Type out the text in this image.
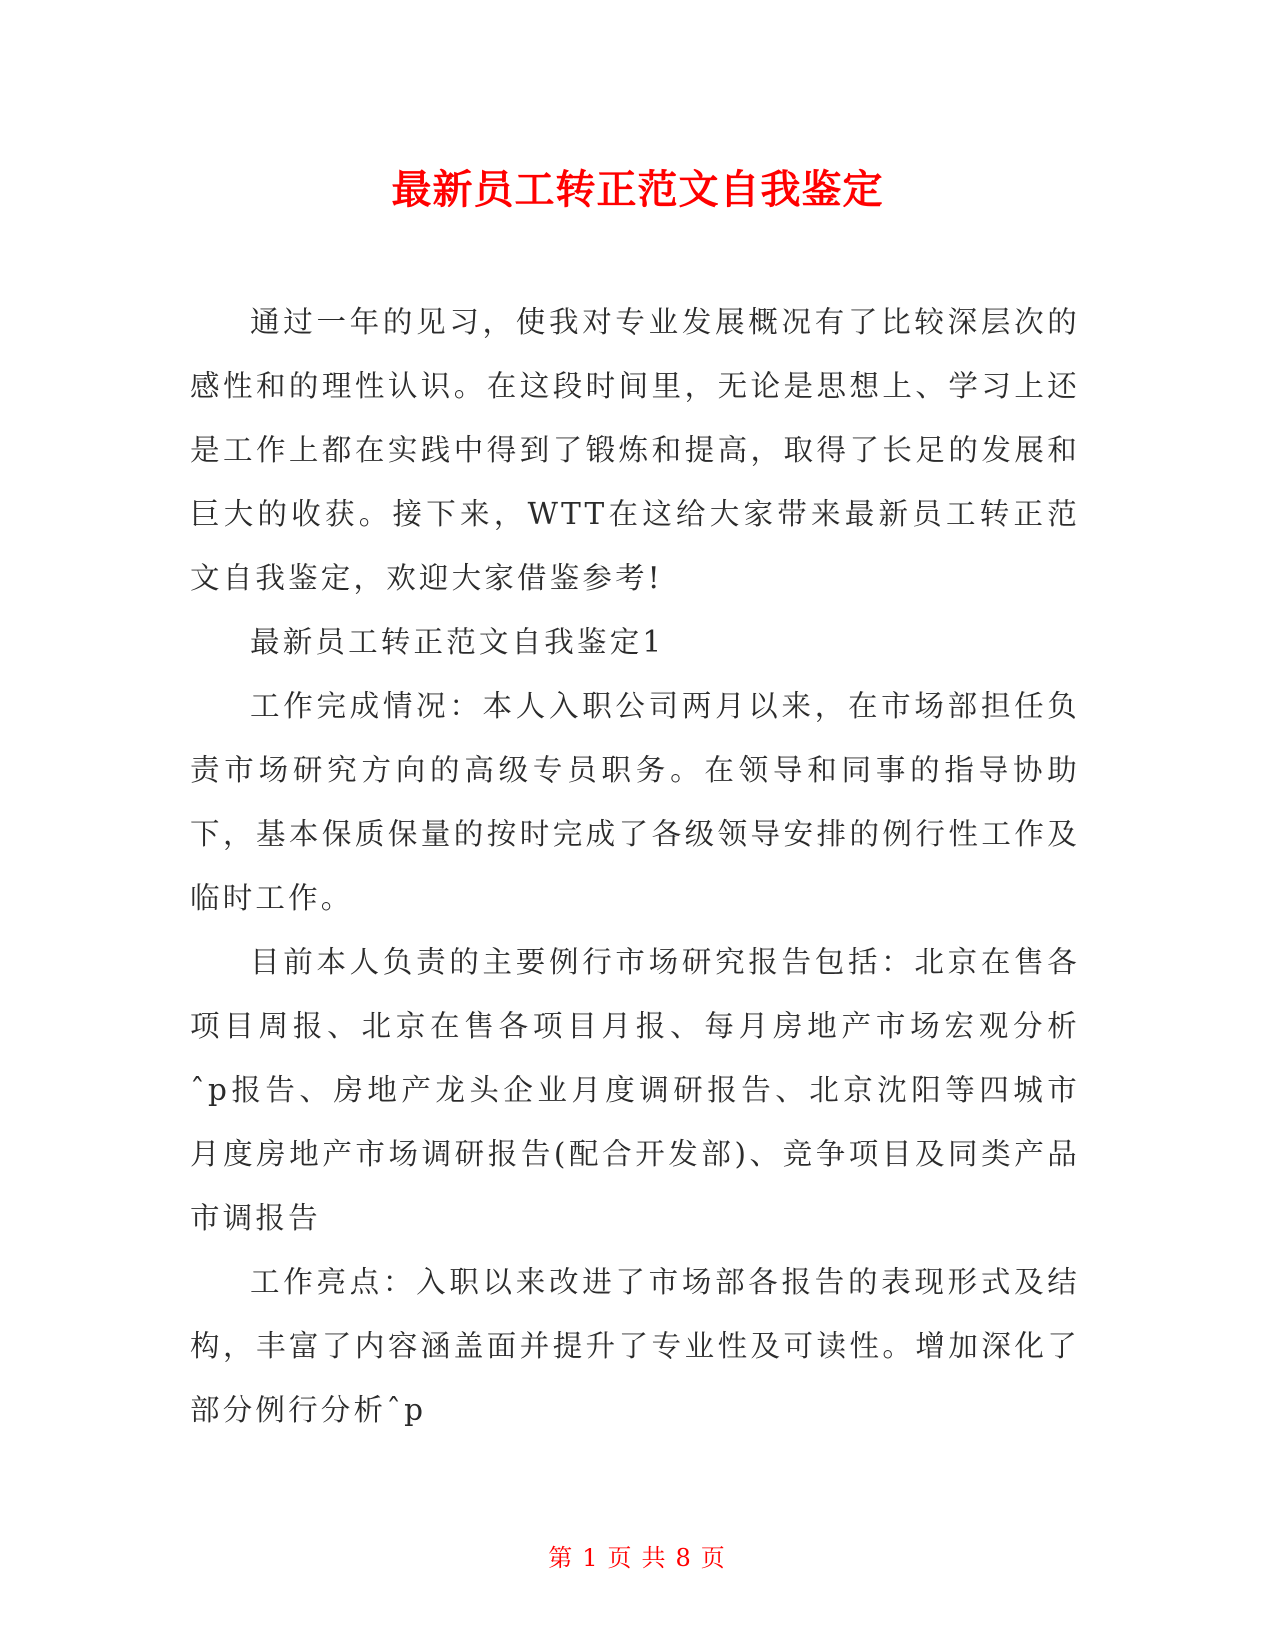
最新员工转正范文自我鉴定

通过一年的见习，使我对专业发展概况有了比较深层次的感性和的理性认识。在这段时间里，无论是思想上、学习上还是工作上都在实践中得到了锻炼和提高，取得了长足的发展和巨大的收获。接下来，WTT在这给大家带来最新员工转正范文自我鉴定，欢迎大家借鉴参考!

最新员工转正范文自我鉴定1

工作完成情况：本人入职公司两月以来，在市场部担任负责市场研究方向的高级专员职务。在领导和同事的指导协助下，基本保质保量的按时完成了各级领导安排的例行性工作及临时工作。

目前本人负责的主要例行市场研究报告包括：北京在售各项目周报、北京在售各项目月报、每月房地产市场宏观分析ˆp报告、房地产龙头企业月度调研报告、北京沈阳等四城市月度房地产市场调研报告(配合开发部)、竞争项目及同类产品市调报告

工作亮点：入职以来改进了市场部各报告的表现形式及结构，丰富了内容涵盖面并提升了专业性及可读性。增加深化了部分例行分析ˆp

第 1 页 共 8 页
